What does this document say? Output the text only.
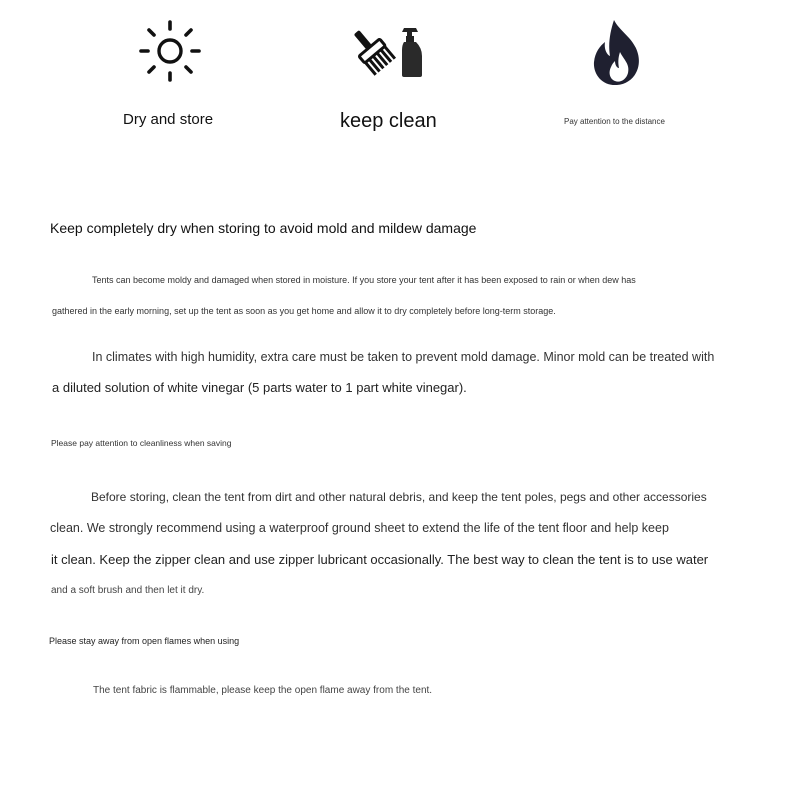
Dry and store	keep clean	Pay attention to the distance
Keep completely dry when storing to avoid mold and mildew damage
Tents can become moldy and damaged when stored in moisture. If you store your tent after it has been exposed to rain or when dew has
gathered in the early morning, set up the tent as soon as you get home and allow it to dry completely before long-term storage.
In climates with high humidity, extra care must be taken to prevent mold damage. Minor mold can be treated with
a diluted solution of white vinegar (5 parts water to 1 part white vinegar).
Please pay attention to cleanliness when saving
Before storing, clean the tent from dirt and other natural debris, and keep the tent poles, pegs and other accessories
clean. We strongly recommend using a waterproof ground sheet to extend the life of the tent floor and help keep
it clean. Keep the zipper clean and use zipper lubricant occasionally. The best way to clean the tent is to use water
and a soft brush and then let it dry.
Please stay away from open flames when using
The tent fabric is flammable, please keep the open flame away from the tent.
